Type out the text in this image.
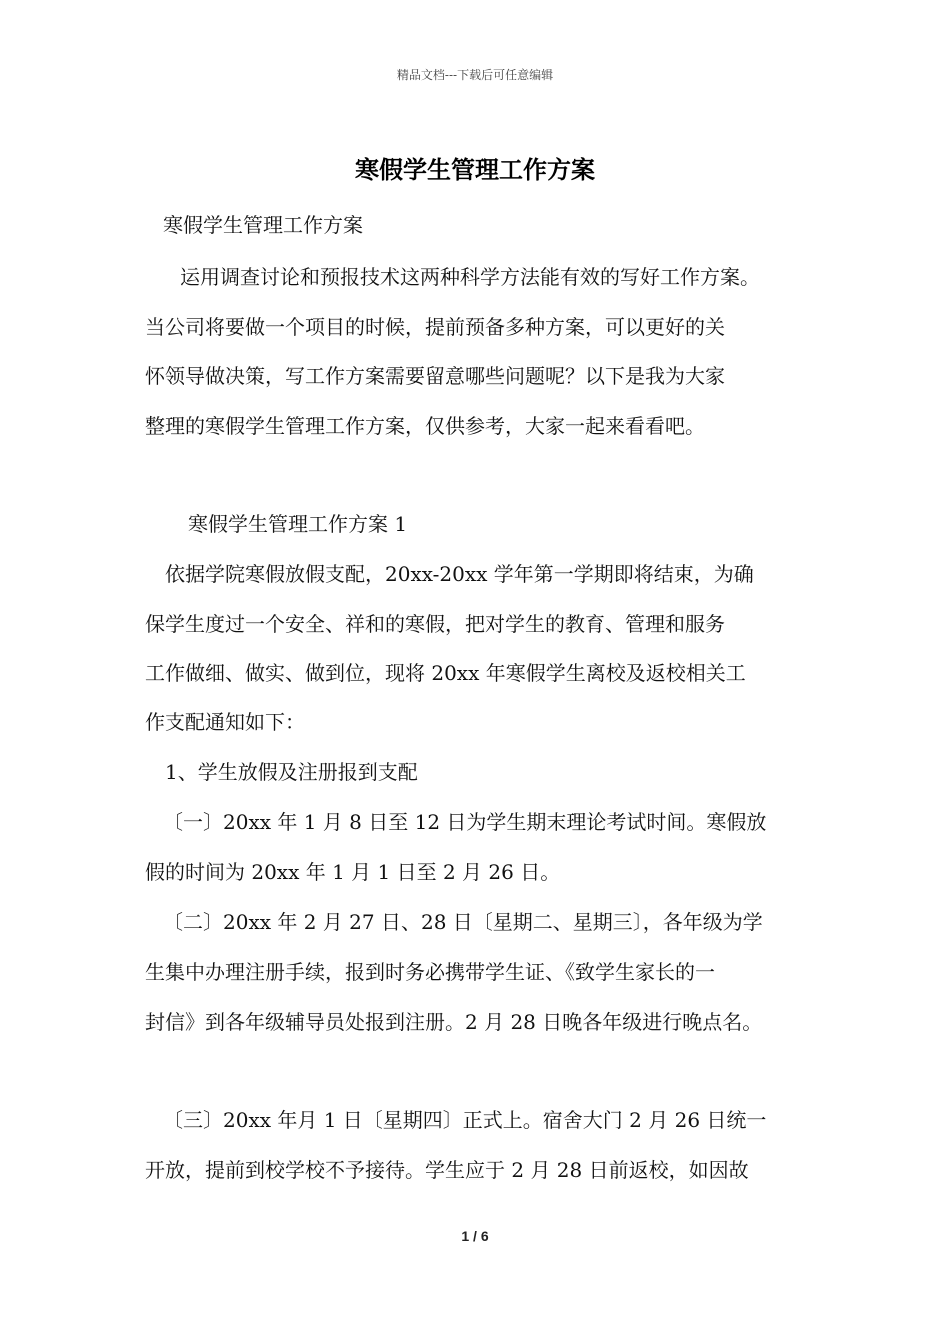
精品文档---下载后可任意编辑
寒假学生管理工作方案
寒假学生管理工作方案
运用调查讨论和预报技术这两种科学方法能有效的写好工作方案。
当公司将要做一个项目的时候，提前预备多种方案，可以更好的关
怀领导做决策，写工作方案需要留意哪些问题呢？以下是我为大家
整理的寒假学生管理工作方案，仅供参考，大家一起来看看吧。
寒假学生管理工作方案 1
依据学院寒假放假支配，20xx-20xx 学年第一学期即将结束，为确
保学生度过一个安全、祥和的寒假，把对学生的教育、管理和服务
工作做细、做实、做到位，现将 20xx 年寒假学生离校及返校相关工
作支配通知如下：
1、学生放假及注册报到支配
〔一〕20xx 年 1 月 8 日至 12 日为学生期末理论考试时间。寒假放
假的时间为 20xx 年 1 月 1 日至 2 月 26 日。
〔二〕20xx 年 2 月 27 日、28 日〔星期二、星期三〕，各年级为学
生集中办理注册手续，报到时务必携带学生证、《致学生家长的一
封信》到各年级辅导员处报到注册。2 月 28 日晚各年级进行晚点名。
〔三〕20xx 年月 1 日〔星期四〕正式上。宿舍大门 2 月 26 日统一
开放，提前到校学校不予接待。学生应于 2 月 28 日前返校，如因故
1 / 6
